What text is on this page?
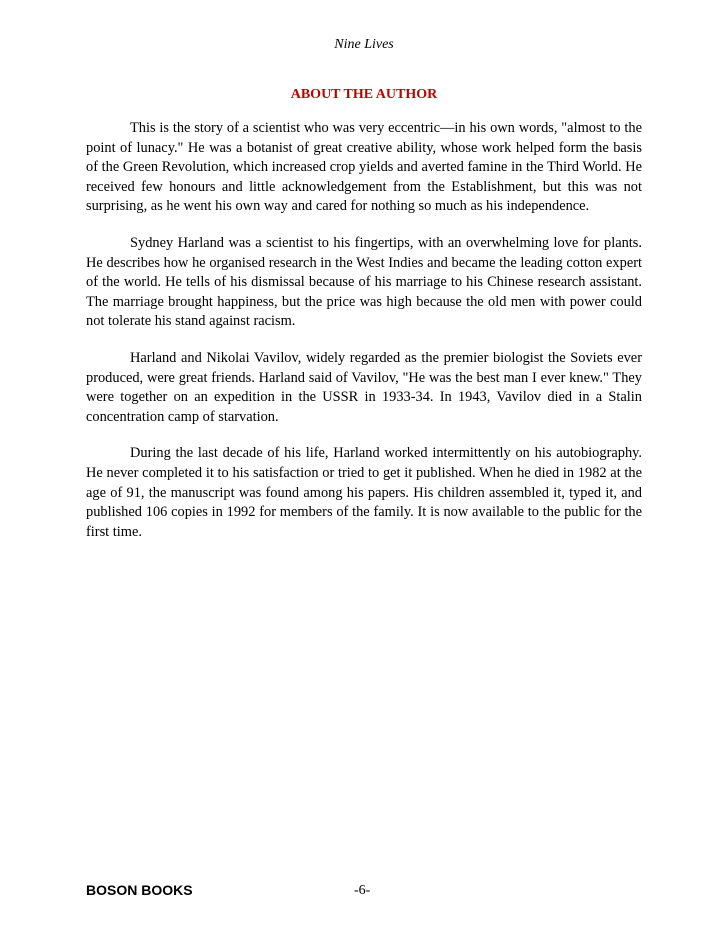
Nine Lives
ABOUT THE AUTHOR

This is the story of a scientist who was very eccentric—in his own words, "almost to the point of lunacy." He was a botanist of great creative ability, whose work helped form the basis of the Green Revolution, which increased crop yields and averted famine in the Third World. He received few honours and little acknowledgement from the Establishment, but this was not surprising, as he went his own way and cared for nothing so much as his independence.

Sydney Harland was a scientist to his fingertips, with an overwhelming love for plants. He describes how he organised research in the West Indies and became the leading cotton expert of the world. He tells of his dismissal because of his marriage to his Chinese research assistant. The marriage brought happiness, but the price was high because the old men with power could not tolerate his stand against racism.

Harland and Nikolai Vavilov, widely regarded as the premier biologist the Soviets ever produced, were great friends. Harland said of Vavilov, "He was the best man I ever knew." They were together on an expedition in the USSR in 1933-34. In 1943, Vavilov died in a Stalin concentration camp of starvation.

During the last decade of his life, Harland worked intermittently on his autobiography. He never completed it to his satisfaction or tried to get it published. When he died in 1982 at the age of 91, the manuscript was found among his papers. His children assembled it, typed it, and published 106 copies in 1992 for members of the family. It is now available to the public for the first time.

BOSON BOOKS	-6-
